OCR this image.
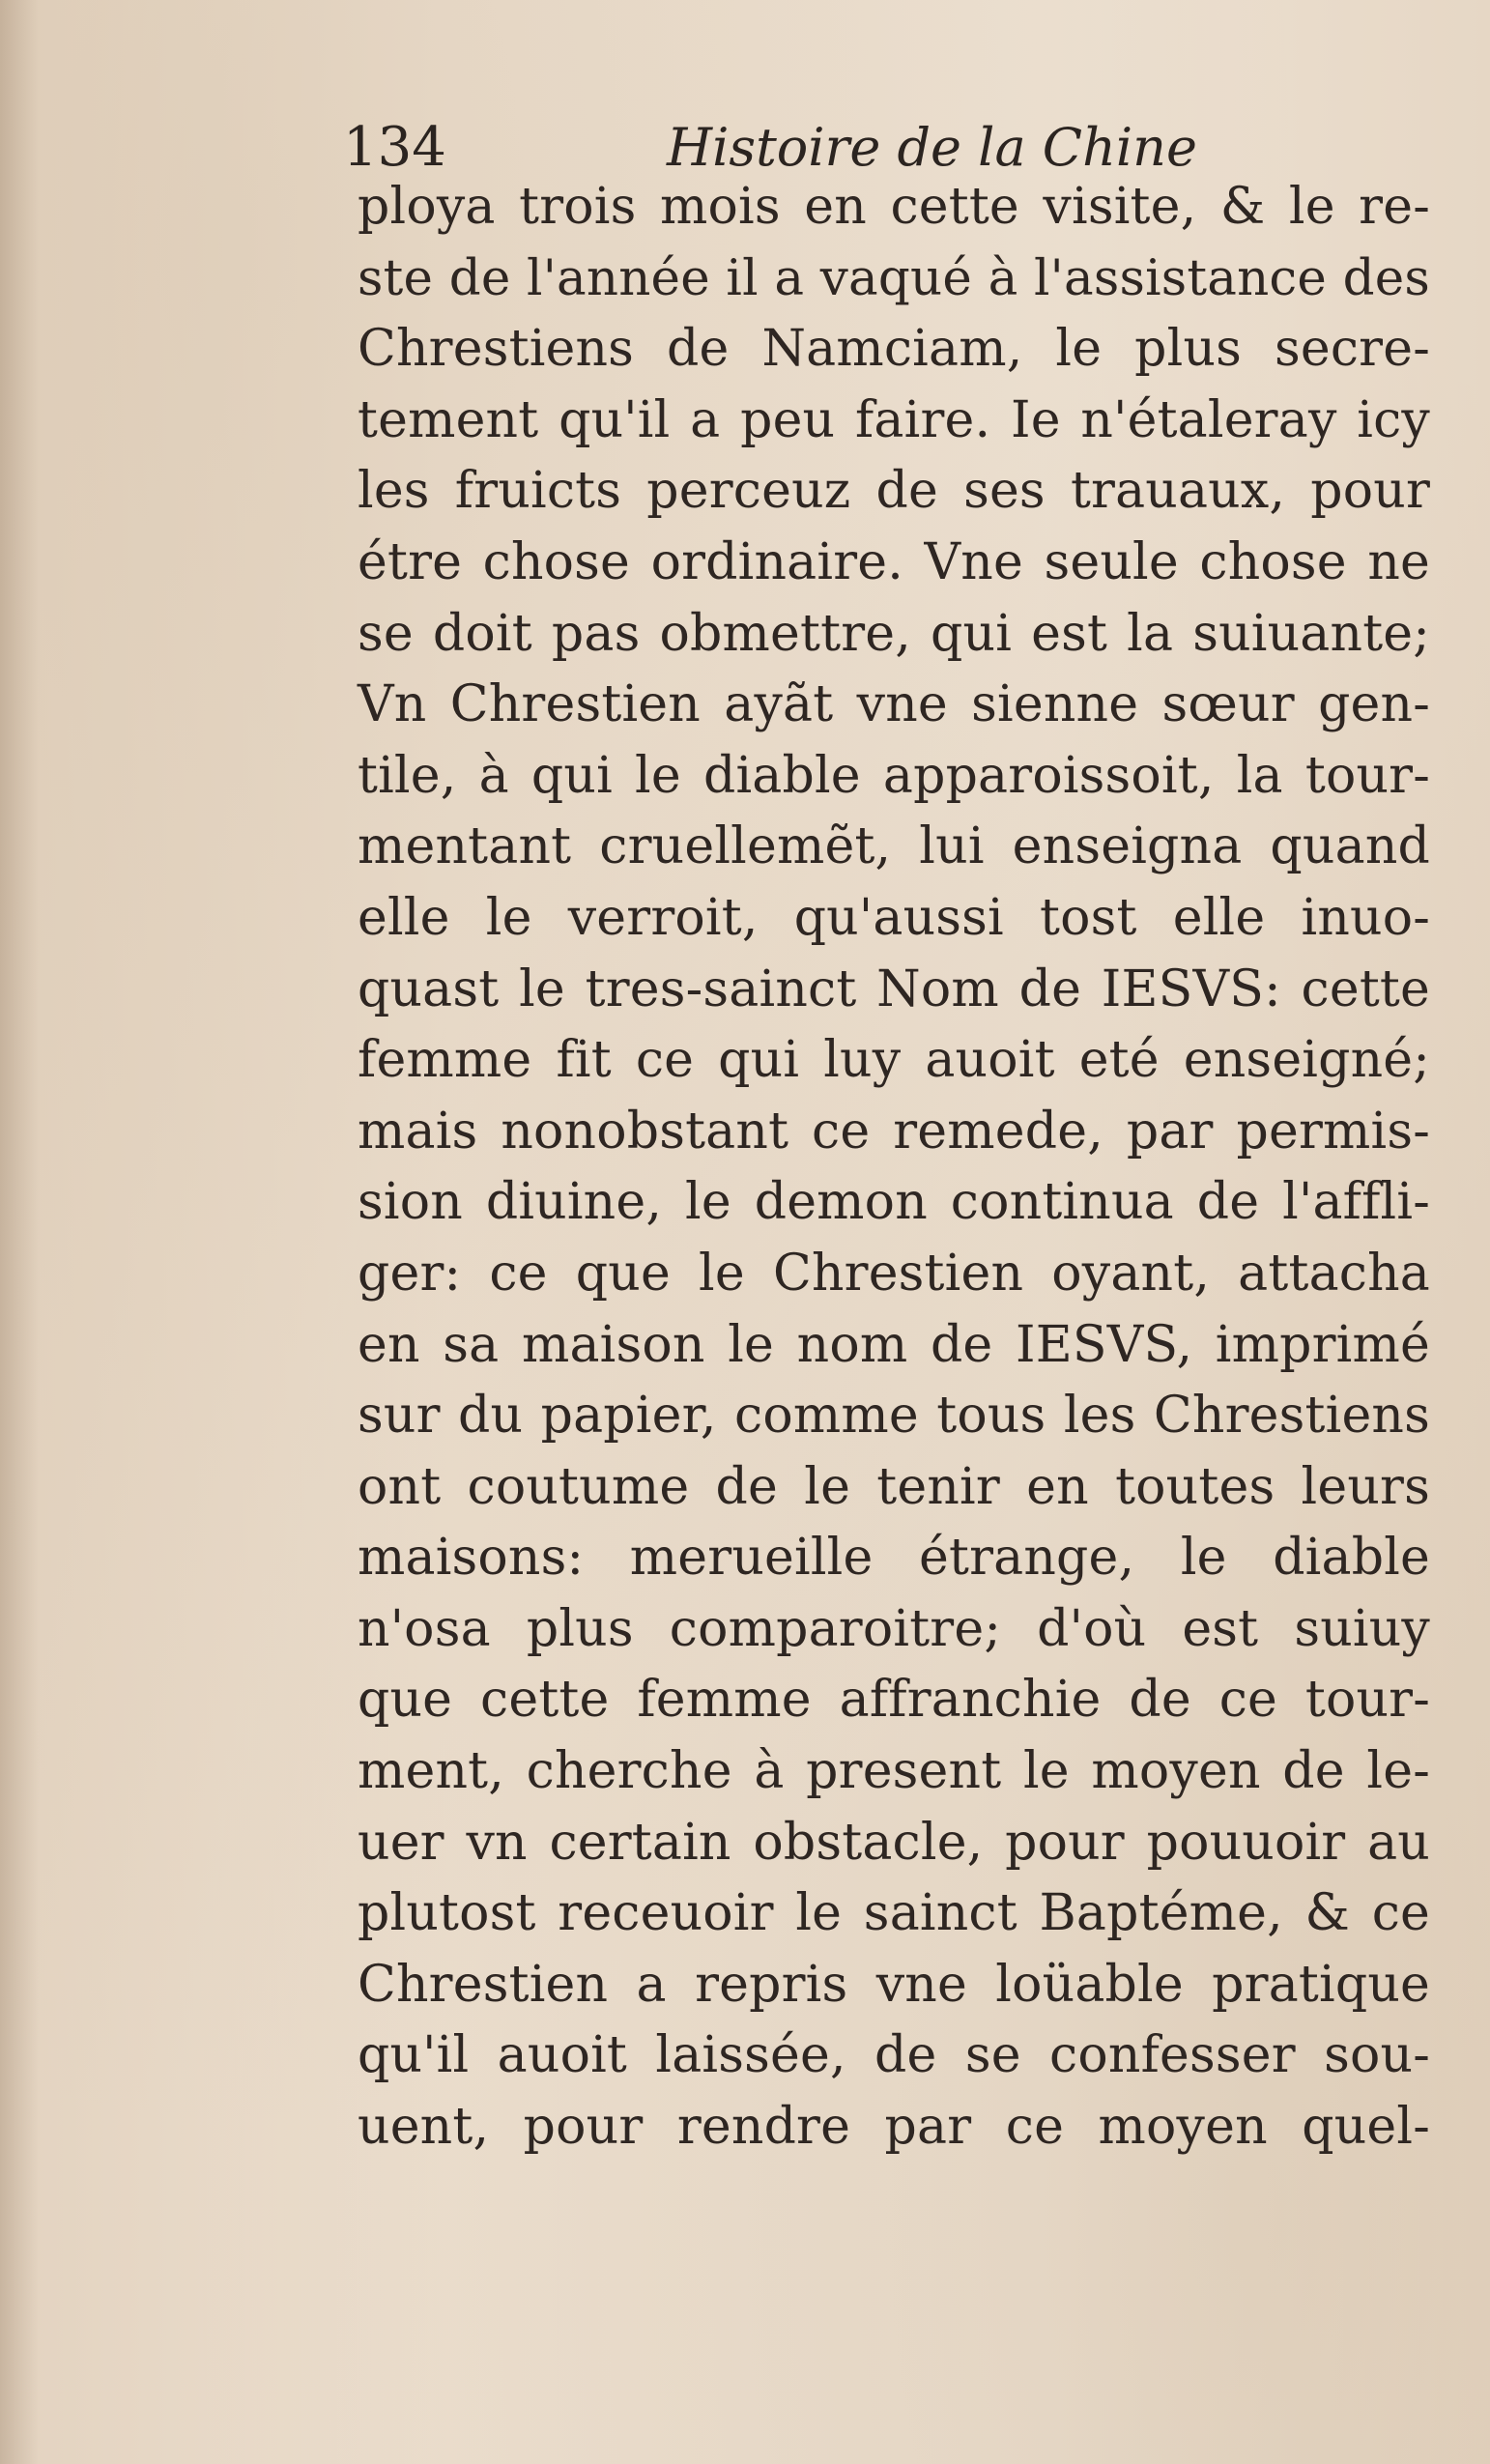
134	Histoire de la Chine
ploya trois mois en cette visite, & le re-
ste de l'année il a vaqué à l'assistance des
Chrestiens de Namciam, le plus secre-
tement qu'il a peu faire. Ie n'étaleray icy
les fruicts perceuz de ses trauaux, pour
étre chose ordinaire. Vne seule chose ne
se doit pas obmettre, qui est la suiuante;
Vn Chrestien ayãt vne sienne sœur gen-
tile, à qui le diable apparoissoit, la tour-
mentant cruellemẽt, lui enseigna quand
elle le verroit, qu'aussi tost elle inuo-
quast le tres-sainct Nom de IESVS: cette
femme fit ce qui luy auoit eté enseigné;
mais nonobstant ce remede, par permis-
sion diuine, le demon continua de l'affli-
ger: ce que le Chrestien oyant, attacha
en sa maison le nom de IESVS, imprimé
sur du papier, comme tous les Chrestiens
ont coutume de le tenir en toutes leurs
maisons: merueille étrange, le diable
n'osa plus comparoitre; d'où est suiuy
que cette femme affranchie de ce tour-
ment, cherche à present le moyen de le-
uer vn certain obstacle, pour pouuoir au
plutost receuoir le sainct Baptéme, & ce
Chrestien a repris vne loüable pratique
qu'il auoit laissée, de se confesser sou-
uent, pour rendre par ce moyen quel-
